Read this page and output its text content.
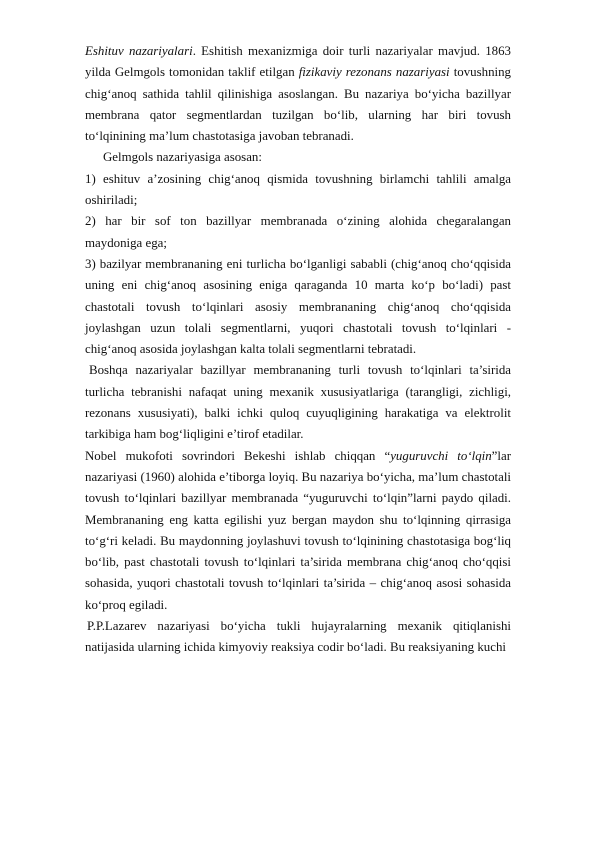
Eshituv nazariyalari. Eshitish mexanizmiga doir turli nazariyalar mavjud. 1863 yilda Gelmgols tomonidan taklif etilgan fizikaviy rezonans nazariyasi tovushning chig‘anoq sathida tahlil qilinishiga asoslangan. Bu nazariya bo‘yicha bazillyar membrana qator segmentlardan tuzilgan bo‘lib, ularning har biri tovush to‘lqinining ma’lum chastotasiga javoban tebranadi.

Gelmgols nazariyasiga asosan:

1) eshituv a’zosining chig‘anoq qismida tovushning birlamchi tahlili amalga oshiriladi;

2) har bir sof ton bazillyar membranada o‘zining alohida chegaralangan maydoniga ega;

3) bazilyar membrananing eni turlicha bo‘lganligi sababli (chig‘anoq cho‘qqisida uning eni chig‘anoq asosining eniga qaraganda 10 marta ko‘p bo‘ladi) past chastotali tovush to‘lqinlari asosiy membrananing chig‘anoq cho‘qqisida joylashgan uzun tolali segmentlarni, yuqori chastotali tovush to‘lqinlari - chig‘anoq asosida joylashgan kalta tolali segmentlarni tebratadi.

Boshqa nazariyalar bazillyar membrananing turli tovush to‘lqinlari ta’sirida turlicha tebranishi nafaqat uning mexanik xususiyatlariga (tarangligi, zichligi, rezonans xususiyati), balki ichki quloq cuyuqligining harakatiga va elektrolit tarkibiga ham bog‘liqligini e’tirof etadilar.

Nobel mukofoti sovrindori Bekeshi ishlab chiqqan “yuguruvchi to‘lqin”lar nazariyasi (1960) alohida e’tiborga loyiq. Bu nazariya bo‘yicha, ma’lum chastotali tovush to‘lqinlari bazillyar membranada “yuguruvchi to‘lqin”larni paydo qiladi. Membrananing eng katta egilishi yuz bergan maydon shu to‘lqinning qirrasiga to‘g‘ri keladi. Bu maydonning joylashuvi tovush to‘lqinining chastotasiga bog‘liq bo‘lib, past chastotali tovush to‘lqinlari ta’sirida membrana chig‘anoq cho‘qqisi sohasida, yuqori chastotali tovush to‘lqinlari ta’sirida – chig‘anoq asosi sohasida ko‘proq egiladi.

P.P.Lazarev nazariyasi bo‘yicha tukli hujayralarning mexanik qitiqlanishi natijasida ularning ichida kimyoviy reaksiya codir bo‘ladi. Bu reaksiyaning kuchi
